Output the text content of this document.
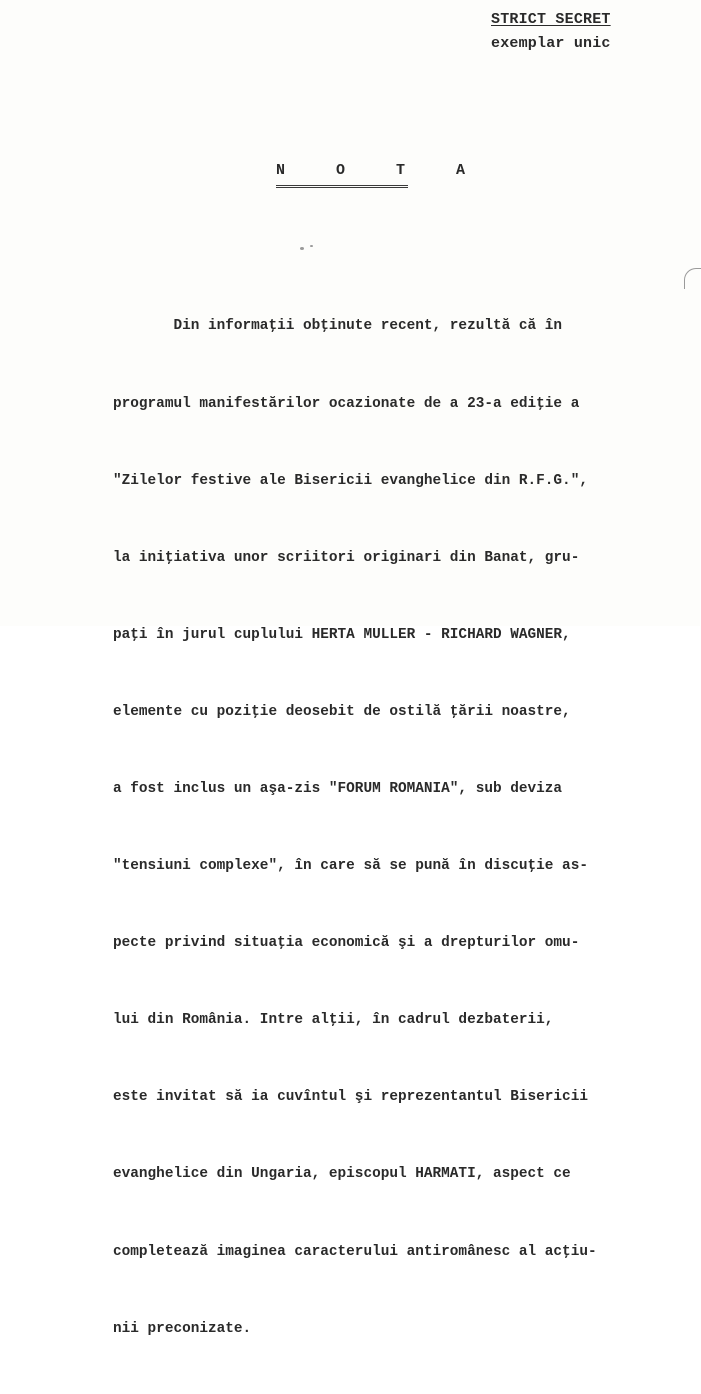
STRICT SECRET
exemplar unic
N O T A

Din informaţii obţinute recent, rezultă că în

programul manifestărilor ocazionate de a 23-a ediţie a

"Zilelor festive ale Bisericii evanghelice din R.F.G.",

la iniţiativa unor scriitori originari din Banat, gru-

paţi în jurul cuplului HERTA MULLER - RICHARD WAGNER,

elemente cu poziţie deosebit de ostilă ţării noastre,

a fost inclus un aşa-zis "FORUM ROMANIA", sub deviza

"tensiuni complexe", în care să se pună în discuţie as-

pecte privind situaţia economică şi a drepturilor omu-

lui din România. Intre alţii, în cadrul dezbaterii,

este invitat să ia cuvîntul şi reprezentantul Bisericii

evanghelice din Ungaria, episcopul HARMATI, aspect ce

completează imaginea caracterului antiromânesc al acţiu-

nii preconizate.
